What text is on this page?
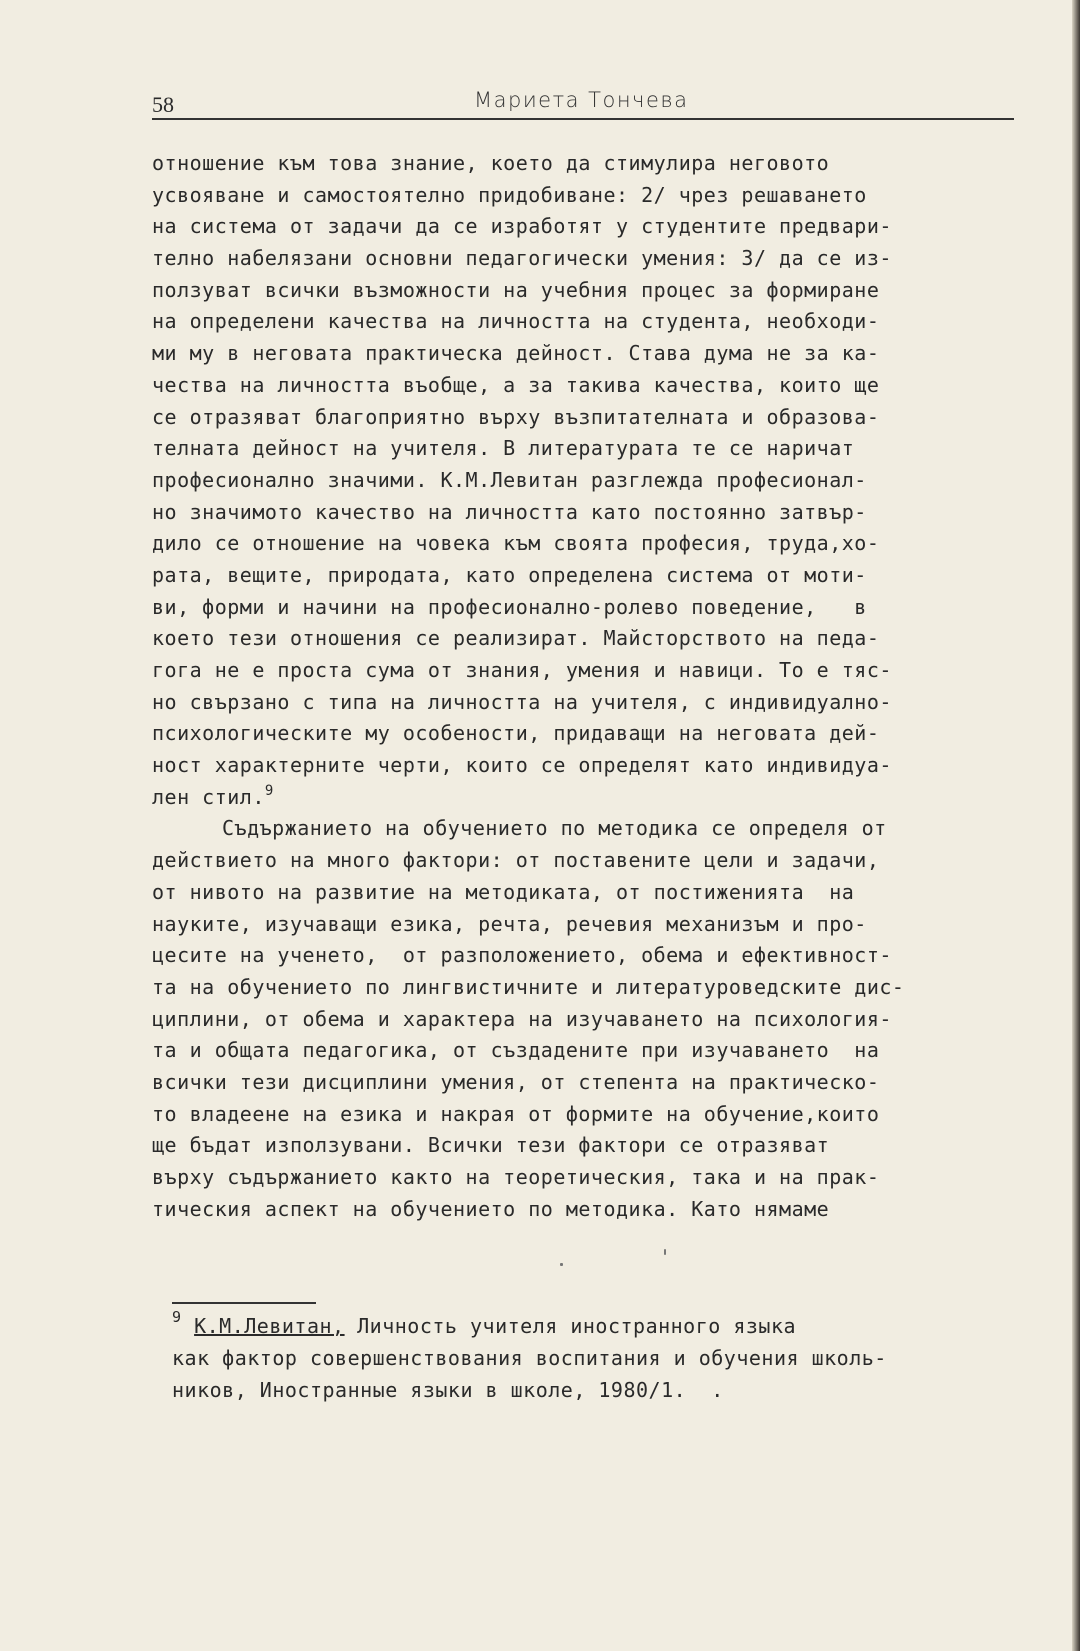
58	Мариета Тончева
отношение към това знание, което да стимулира неговото
усвояване и самостоятелно придобиване: 2/ чрез решаването
на система от задачи да се изработят у студентите предвари-
телно набелязани основни педагогически умения: 3/ да се из-
ползуват всички възможности на учебния процес за формиране
на определени качества на личността на студента, необходи-
ми му в неговата практическа дейност. Става дума не за ка-
чества на личността въобще, а за такива качества, които ще
се отразяват благоприятно върху възпитателната и образова-
телната дейност на учителя. В литературата те се наричат
професионално значими. К.М.Левитан разглежда професионал-
но значимото качество на личността като постоянно затвър-
дило се отношение на човека към своята професия, труда,хо-
рата, вещите, природата, като определена система от моти-
ви, форми и начини на професионално-ролево поведение,   в
което тези отношения се реализират. Майсторството на педа-
гога не е проста сума от знания, умения и навици. То е тяс-
но свързано с типа на личността на учителя, с индивидуално-
психологическите му особености, придаващи на неговата дей-
ност характерните черти, които се определят като индивидуа-
лен стил.$^9$
Съдържанието на обучението по методика се определя от
действието на много фактори: от поставените цели и задачи,
от нивото на развитие на методиката, от постиженията  на
науките, изучаващи езика, речта, речевия механизъм и про-
цесите на ученето,  от разположението, обема и ефективност-
та на обучението по лингвистичните и литературоведските дис-
циплини, от обема и характера на изучаването на психология-
та и общата педагогика, от създадените при изучаването  на
всички тези дисциплини умения, от степента на практическо-
то владеене на езика и накрая от формите на обучение,които
ще бъдат използувани. Всички тези фактори се отразяват
върху съдържанието както на теоретическия, така и на прак-
тическия аспект на обучението по методика. Като нямаме
$^9$ К.М.Левитан, Личность учителя иностранного языка
как фактор совершенствования воспитания и обучения школь-
ников, Иностранные языки в школе, 1980/1.  .
